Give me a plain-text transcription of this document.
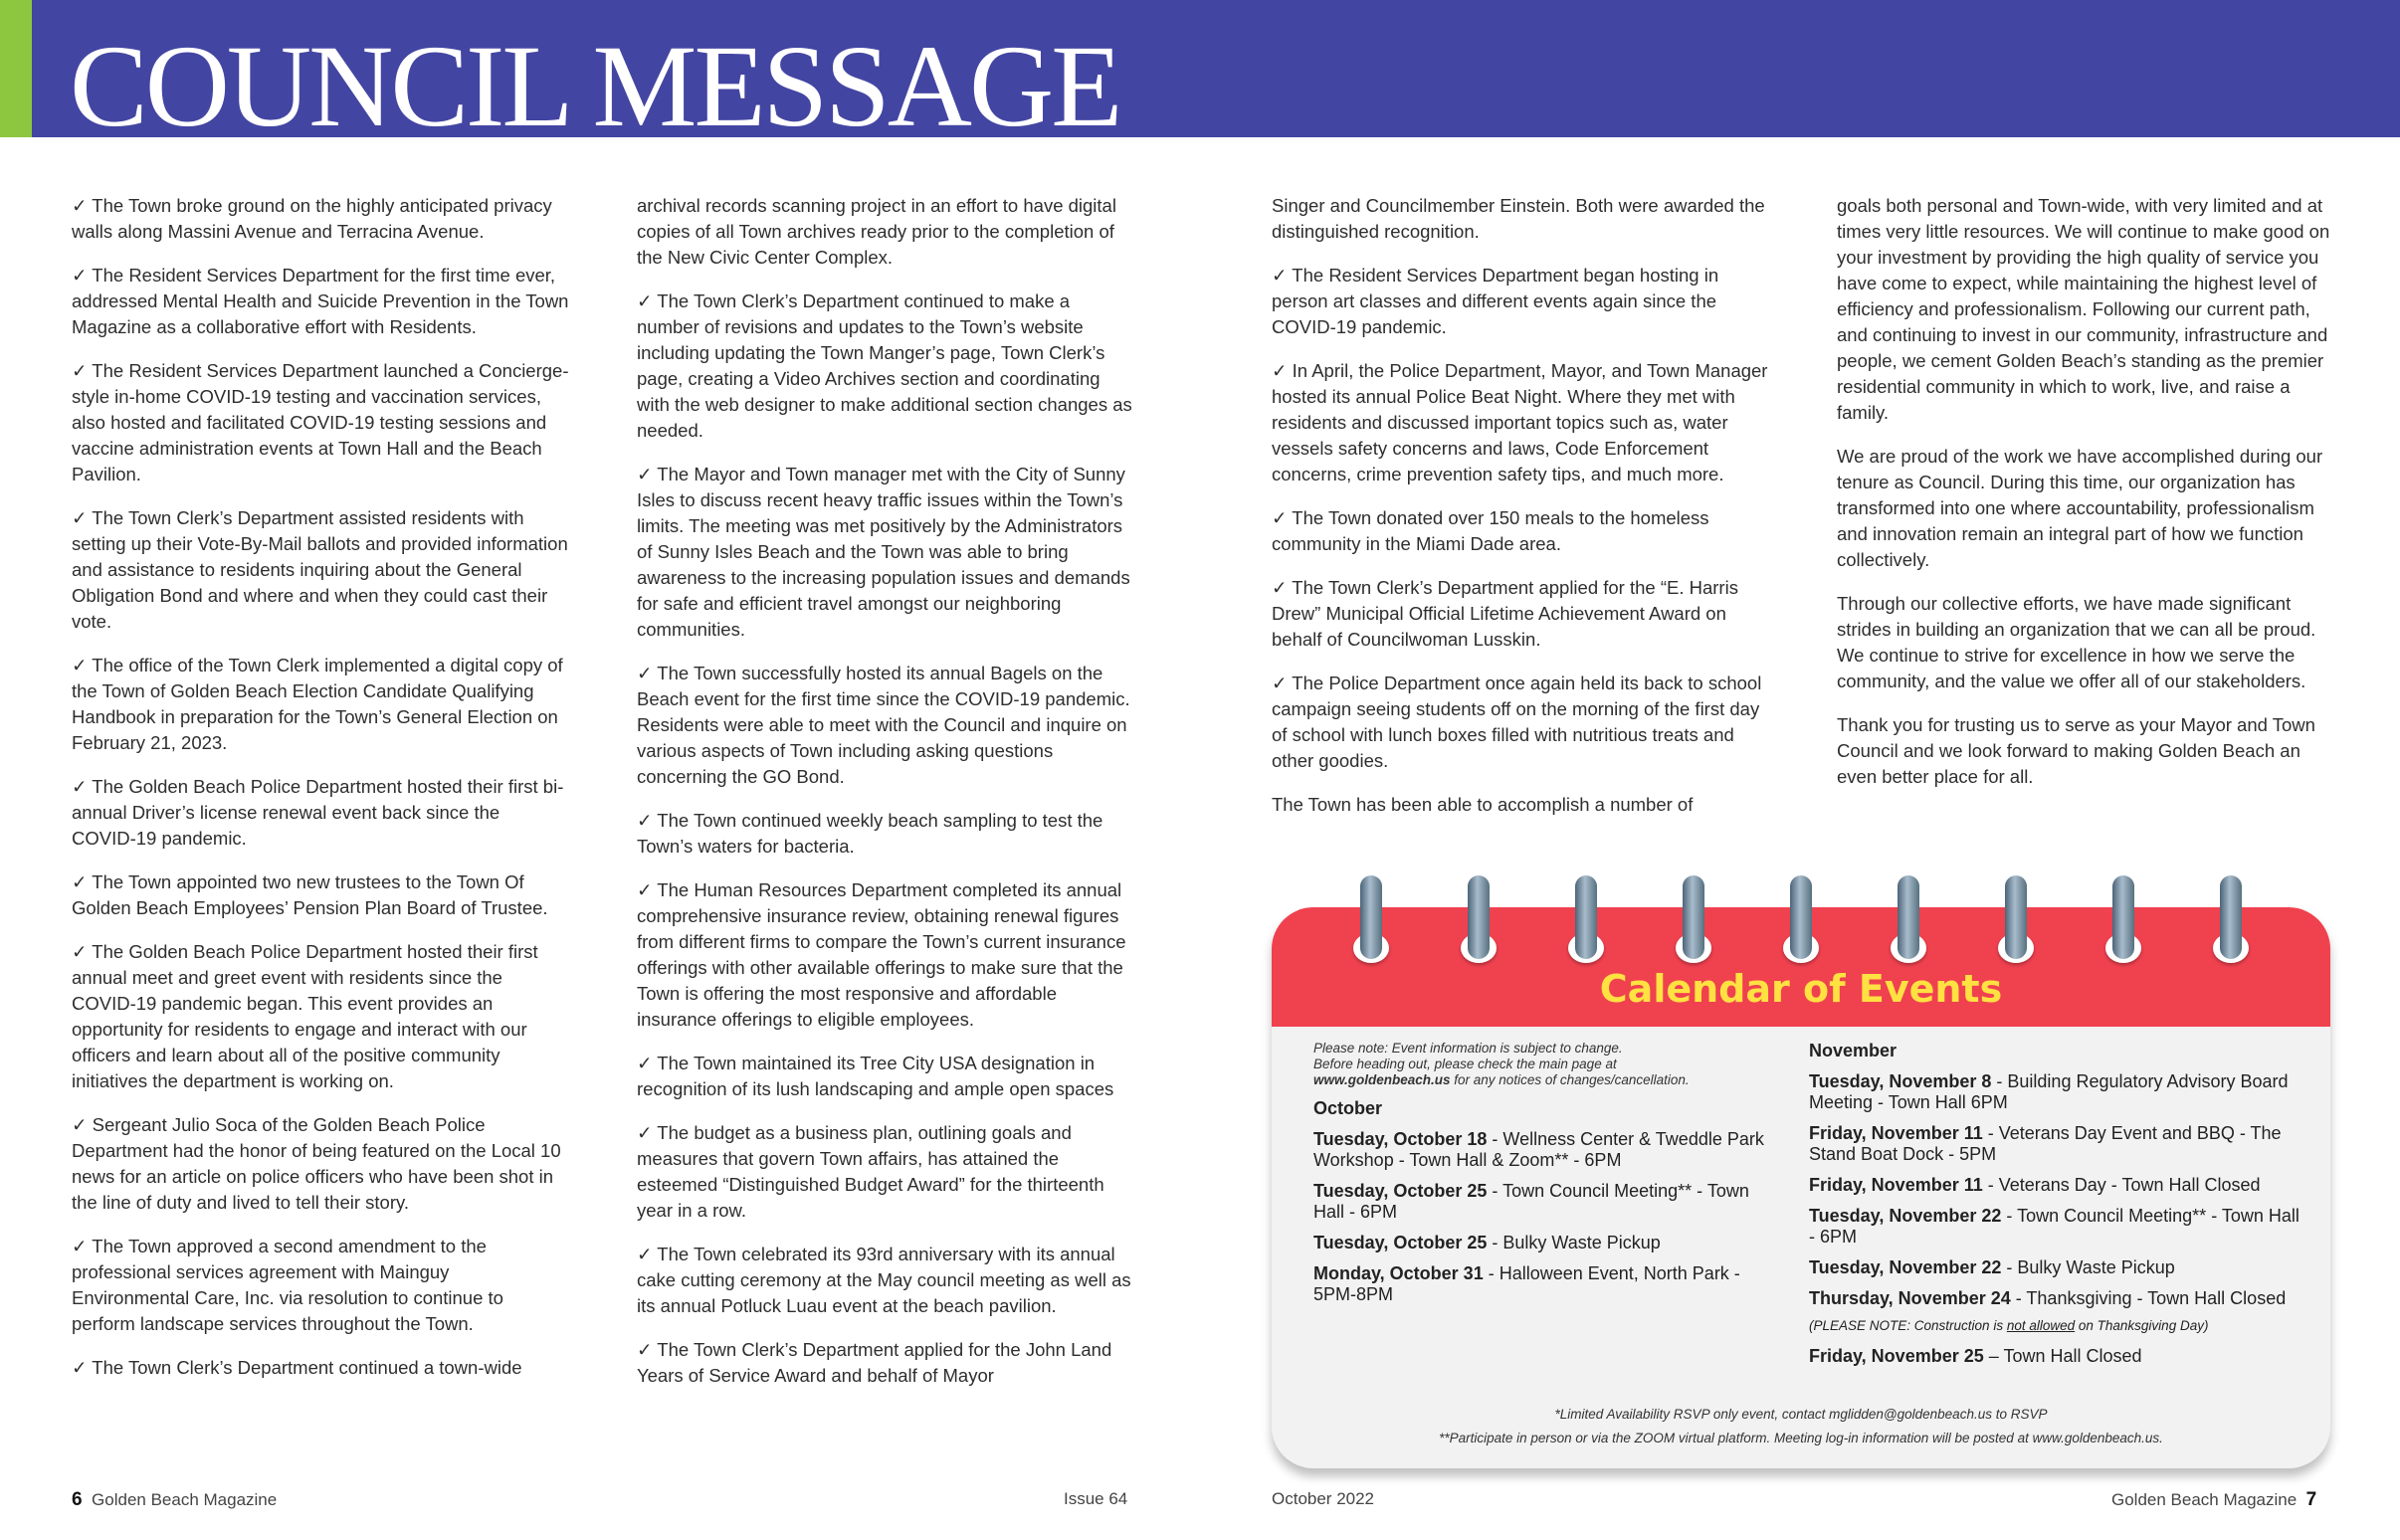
COUNCIL MESSAGE

✓ The Town broke ground on the highly anticipated privacy walls along Massini Avenue and Terracina Avenue.

✓ The Resident Services Department for the first time ever, addressed Mental Health and Suicide Prevention in the Town Magazine as a collaborative effort with Residents.

✓ The Resident Services Department launched a Concierge-style in-home COVID-19 testing and vaccination services, also hosted and facilitated COVID-19 testing sessions and vaccine administration events at Town Hall and the Beach Pavilion.

✓ The Town Clerk’s Department assisted residents with setting up their Vote-By-Mail ballots and provided information and assistance to residents inquiring about the General Obligation Bond and where and when they could cast their vote.

✓ The office of the Town Clerk implemented a digital copy of the Town of Golden Beach Election Candidate Qualifying Handbook in preparation for the Town’s General Election on February 21, 2023.

✓ The Golden Beach Police Department hosted their first bi-annual Driver’s license renewal event back since the COVID-19 pandemic.

✓ The Town appointed two new trustees to the Town Of Golden Beach Employees’ Pension Plan Board of Trustee.

✓ The Golden Beach Police Department hosted their first annual meet and greet event with residents since the COVID-19 pandemic began. This event provides an opportunity for residents to engage and interact with our officers and learn about all of the positive community initiatives the department is working on.

✓ Sergeant Julio Soca of the Golden Beach Police Department had the honor of being featured on the Local 10 news for an article on police officers who have been shot in the line of duty and lived to tell their story.

✓ The Town approved a second amendment to the professional services agreement with Mainguy Environmental Care, Inc. via resolution to continue to perform landscape services throughout the Town.

✓ The Town Clerk’s Department continued a town-wide

archival records scanning project in an effort to have digital copies of all Town archives ready prior to the completion of the New Civic Center Complex.

✓ The Town Clerk’s Department continued to make a number of revisions and updates to the Town’s website including updating the Town Manger’s page, Town Clerk’s page, creating a Video Archives section and coordinating with the web designer to make additional section changes as needed.

✓ The Mayor and Town manager met with the City of Sunny Isles to discuss recent heavy traffic issues within the Town’s limits. The meeting was met positively by the Administrators of Sunny Isles Beach and the Town was able to bring awareness to the increasing population issues and demands for safe and efficient travel amongst our neighboring communities.

✓ The Town successfully hosted its annual Bagels on the Beach event for the first time since the COVID-19 pandemic. Residents were able to meet with the Council and inquire on various aspects of Town including asking questions concerning the GO Bond.

✓ The Town continued weekly beach sampling to test the Town’s waters for bacteria.

✓ The Human Resources Department completed its annual comprehensive insurance review, obtaining renewal figures from different firms to compare the Town’s current insurance offerings with other available offerings to make sure that the Town is offering the most responsive and affordable insurance offerings to eligible employees.

✓ The Town maintained its Tree City USA designation in recognition of its lush landscaping and ample open spaces

✓ The budget as a business plan, outlining goals and measures that govern Town affairs, has attained the esteemed “Distinguished Budget Award” for the thirteenth year in a row.

✓ The Town celebrated its 93rd anniversary with its annual cake cutting ceremony at the May council meeting as well as its annual Potluck Luau event at the beach pavilion.

✓ The Town Clerk’s Department applied for the John Land Years of Service Award and behalf of Mayor

Singer and Councilmember Einstein. Both were awarded the distinguished recognition.

✓ The Resident Services Department began hosting in person art classes and different events again since the COVID-19 pandemic.

✓ In April, the Police Department, Mayor, and Town Manager hosted its annual Police Beat Night. Where they met with residents and discussed important topics such as, water vessels safety concerns and laws, Code Enforcement concerns, crime prevention safety tips, and much more.

✓ The Town donated over 150 meals to the homeless community in the Miami Dade area.

✓ The Town Clerk’s Department applied for the “E. Harris Drew” Municipal Official Lifetime Achievement Award on behalf of Councilwoman Lusskin.

✓ The Police Department once again held its back to school campaign seeing students off on the morning of the first day of school with lunch boxes filled with nutritious treats and other goodies.

The Town has been able to accomplish a number of

goals both personal and Town-wide, with very limited and at times very little resources. We will continue to make good on your investment by providing the high quality of service you have come to expect, while maintaining the highest level of efficiency and professionalism. Following our current path, and continuing to invest in our community, infrastructure and people, we cement Golden Beach’s standing as the premier residential community in which to work, live, and raise a family.

We are proud of the work we have accomplished during our tenure as Council. During this time, our organization has transformed into one where accountability, professionalism and innovation remain an integral part of how we function collectively.

Through our collective efforts, we have made significant strides in building an organization that we can all be proud. We continue to strive for excellence in how we serve the community, and the value we offer all of our stakeholders.

Thank you for trusting us to serve as your Mayor and Town Council and we look forward to making Golden Beach an even better place for all.

Calendar of Events
Please note: Event information is subject to change.
Before heading out, please check the main page at
www.goldenbeach.us for any notices of changes/cancellation.
October
Tuesday, October 18 - Wellness Center & Tweddle Park Workshop - Town Hall & Zoom** - 6PM
Tuesday, October 25 - Town Council Meeting** - Town Hall - 6PM
Tuesday, October 25 - Bulky Waste Pickup
Monday, October 31 - Halloween Event, North Park - 5PM-8PM
November
Tuesday, November 8 - Building Regulatory Advisory Board Meeting - Town Hall 6PM
Friday, November 11 - Veterans Day Event and BBQ - The Stand Boat Dock - 5PM
Friday, November 11 - Veterans Day - Town Hall Closed
Tuesday, November 22 - Town Council Meeting** - Town Hall - 6PM
Tuesday, November 22 - Bulky Waste Pickup
Thursday, November 24 - Thanksgiving - Town Hall Closed
(PLEASE NOTE: Construction is not allowed on Thanksgiving Day)
Friday, November 25 – Town Hall Closed
*Limited Availability RSVP only event, contact mglidden@goldenbeach.us to RSVP
**Participate in person or via the ZOOM virtual platform. Meeting log-in information will be posted at www.goldenbeach.us.
6 Golden Beach Magazine	Issue 64	October 2022	Golden Beach Magazine 7
